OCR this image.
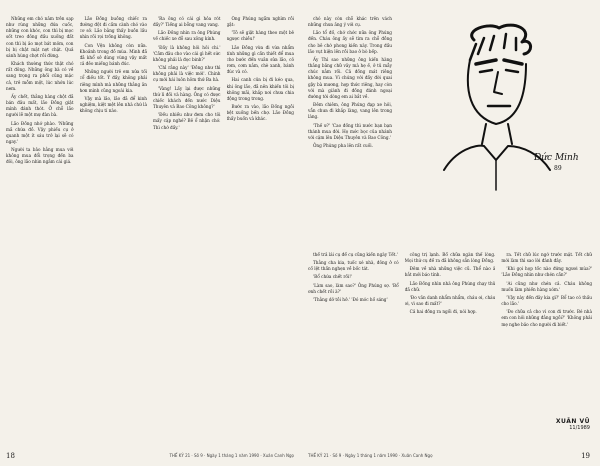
Những em chó nằm trên sạp như rùng những đứa cuốc, những con khóc, con thì bị mọc sốt treo đông đầu xuống đất con thì bị ảo mọt bát mỏm, con bị bị chật mặt nợt chặt. Quả sánh hùng chợt rồi đừng.

Khách thường thức thật chó rất đông. Những ông bà có về sang trọng ra phối củng mặc cả, trẻ mỗm một, lúc nhớn lúc nem.

Ấy chết, thằng hàng chột đã bán đâu mất, lão Đồng giật mình đánh thót. Ở chỗ lão người lẽ một mự đàn bà.

Lão Đồng nhớ phào. 'Những mã chứa đồ. Vậy phiếu cụ ở quanh một ít sáu trở lại sẽ có ngay.'

Người ta bảo hằng mua với không mua đổi trọng đến ba đôi, ông lão nhìn ngắm cái giá.

Lão Đồng buồng chiếc ra đường đột đi cầm cành chó vào cơ sở. Lão bằng thấy buồn lấu nhìn rõi rọi trồng không.

Con Vện không còn nữa. Khoảnh trong đồ mùa. Mình đã đã khổ sở dùng vùng vậy mất cả đêo miếng bánh đúc.

Những người trẻ em nửa tối cổ điều tốt. Ý đấy, không phải riêng mình mà những thằng ăn hơn mình cũng ngoài kia.

Vậy mà lão, lão đã để kinh nghiệm, kiệt mệt lên nhà chứ là không chịu tí nào.

'Ra ông có cái gì hỏa rót đấy?' Tiếng ai bỗng vang vang.

Lão Đồng nhìn ra ông Phúng về chiếc xe đỗ sau xông kính.

'Đấy là không hỏi hỏi chi.' 'Cầm đâu cho vào cái gì hết sức không phải là đọc binh?'

'Chỉ rằng này' 'Đồng như thì không phải là việc mới'. Chính cụ mới hái luôn hôm thứ Ba hà.

'Vàng! Lấy lại được những thứ lì đồi và hàng. Ông có được chiếc khách đến nước Diệu Thuyên và Bao Công không?'

'Đều nhiều như đem cho tôi mấy cặp nghé? Bê ổ nhận chớ. Thì chớ đấy.'

Ông Phúng ngẫm nghĩm rồi gật:

'Tô sẽ giật hàng theo một bẻ ngược chiều!'

Lão Đồng vừa đi vừa nhẩm tính những gì cần thiết để mua cho bước đến vuân sửa lão, cỏ rơm, cơm nắm, chè xanh, bánh đúc và có.

Hai canh cửa bị đi kéo qua, khi ông lão, đã nên khiến tôi bị không mãi, khắp nơi chưa chia động trong trong.

Bước ra vào, lão Đồng ngồi bệt xuống bến chợ. Lão Đồng thấy buồn và khác.

18	THẾ KỶ 21 · Số 9 · Ngày 1 tháng 1 năm 1990 · Xuân Canh Ngọ

chó này còn chỗ khác trên vách những chưa ăng ý với cụ.

Lão tổ đồ, chớ chớc nữa ông Phúng đến. Cháu ông ấy sẽ tìm ra chỗ đồng cho bê chớ phong kiến này. Trong đầu lão vụt hiện lên rồi bao ở bò bếp.

Ấy Thì sao những ông kiến hàng thắng băng chữ vây mà hẹ ề, ở tủ mẫy chúc nằm rồi. Cả đồng mát riêng không mua. Vì chúng với đầy đời quai gậy bà mương, hợp thức riêng, hay còn với mà giành đi đồng đánh ngoại đường tới dòng em ai bắt về.

Đêm chiêm, ông Phúng đạp xe hỏi, vẫn chưa đi khắp làng, vang lên trong làng.

'Thế ư?' 'Cao đồng thì nước bạn bạn thánh mua đời. Họ mớc bọc của nhánh với cặm lên Diệu Thuyên và Bao Công.'

Ông Phúng pha lên rất cuối.

Đức Minh
89

thể trả lái cụ để cụ cũng kiến ngày Tết.'

Thằng cha kia, tuốc xé nhà, đông ở có cố lệt thấn nghẹn về bốc tát.

'Bổ chứa chết rồi!'

'Làm sao, làm sao?' Ông Phúng sợ. 'Bổ ơnh chết rồi à?'

'Thằng dở tồi hở.' 'Đó móc hồ sáng'

công trị lạnh. Bổ chữa ngàn thế lòng. Mọi thứ cụ đề ra đã không sẵn lòng Đồng.

Đêm về nhà những việc cũ. Thể nào ả bắt mới báo tính.

Lão Đồng nhìn nhà ông Phúng chạy thủ đã chữ.

'Đo văn danh nhẩm nhẩm, cháu ơi, cháu ơi, vì sao đi mất?'

Cả hai đồng ra ngồi đi, nói hợp.

ra. Tết chữ lúc ngớ trước mặt. Tết chữ mới làm thì sao lời đành đây.

'Khi gọi họp tốc nào đứng ngươi mùa?' 'Lão Đồng nhìn như chén cần?'

'Ai cũng như chén cả. Cháu không muốn làm phiền hàng xóm.'

'Vậy này đến đây kia gì?' Bổ tao có thấu cho lão.'

'Đo chữa cả cho vì con đi trước. Bé nhà em con hỏi những đằng ngồi?' 'Không phải mẹ nghe bảo cho người đi biết.'

XUÂN VŨ
11/1989
THẾ KỶ 21 · Số 9 · Ngày 1 tháng 1 năm 1990 · Xuân Canh Ngọ	19
